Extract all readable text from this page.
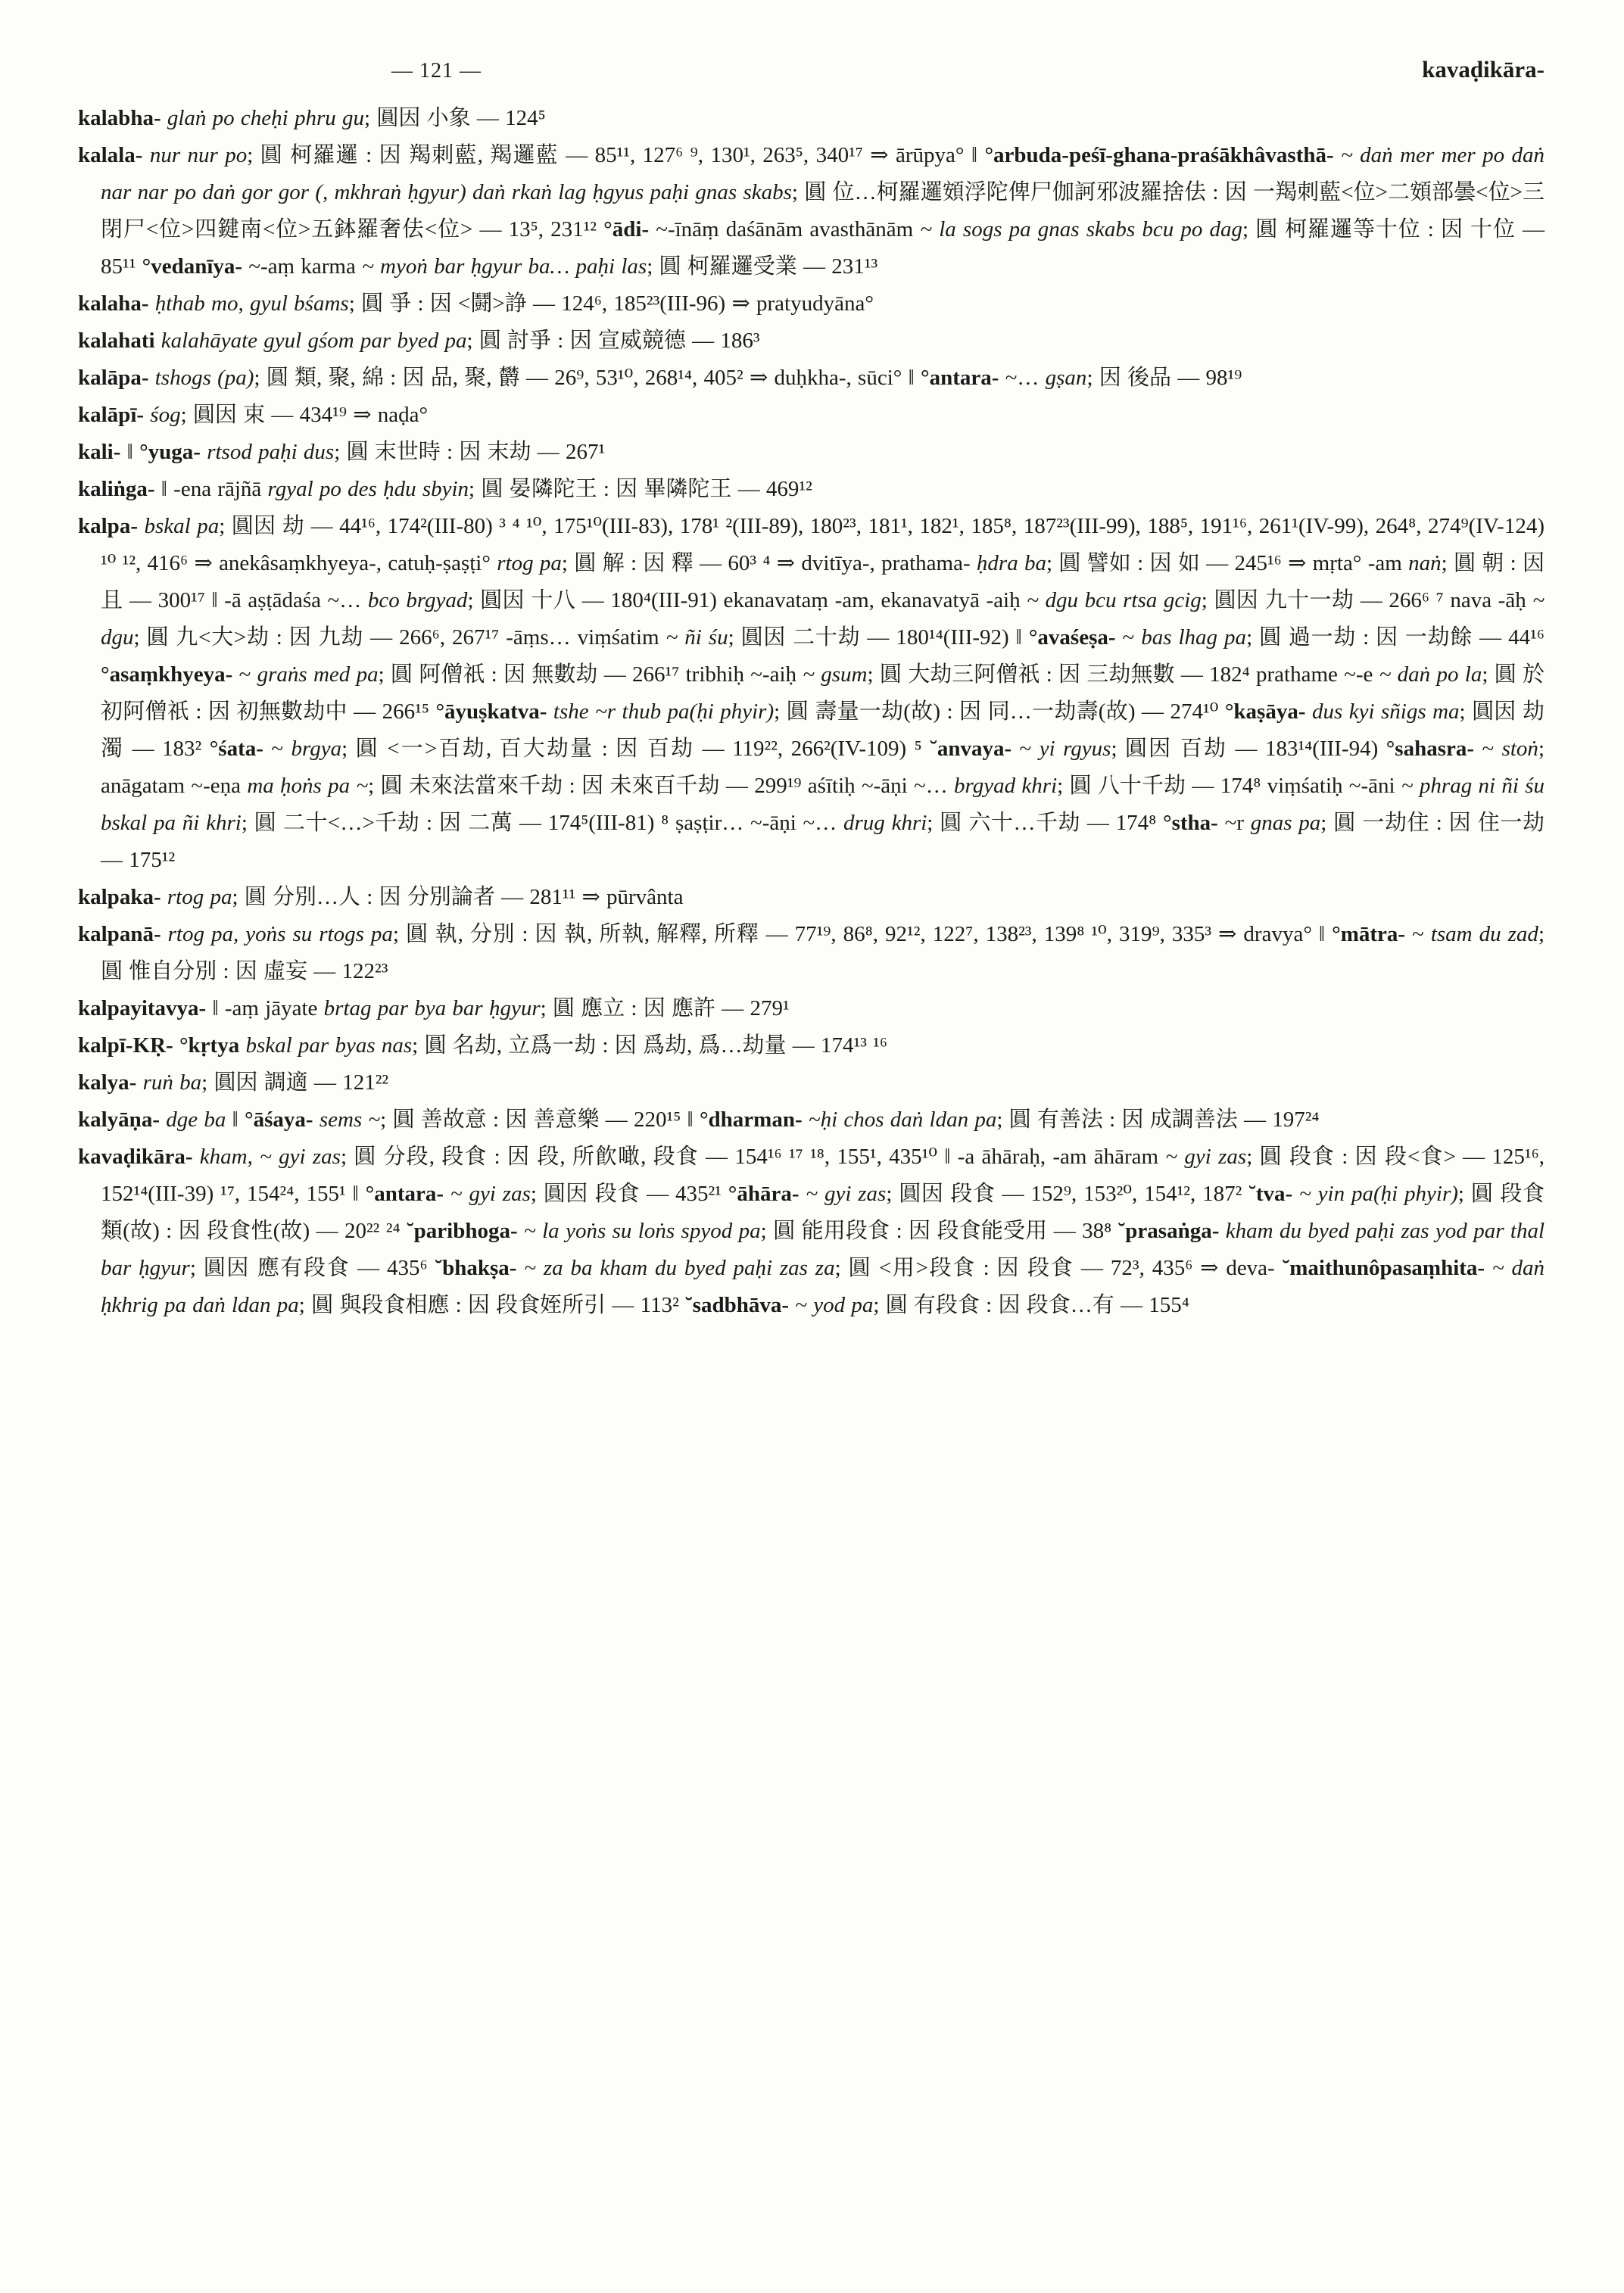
— 121 —	kavaḍikāra-

kalabha- glaṅ po cheḥi phru gu; 圓因 小象 — 124⁵

kalala- nur nur po; 圓 柯羅邏 : 因 羯刺藍, 羯邏藍 — 85¹¹, 127⁶ ⁹, 130¹, 263⁵, 340¹⁷ ⇒ ārūpya° ‖ °arbuda-peśī-ghana-praśākhâvasthā- ~ daṅ mer mer po daṅ nar nar po daṅ gor gor (, mkhraṅ ḥgyur) daṅ rkaṅ lag ḥgyus paḥi gnas skabs; 圓 位…柯羅邏頞浮陀俾尸伽訶邪波羅捨佉 : 因 一羯刺藍<位>二頞部曇<位>三閉尸<位>四鍵南<位>五鉢羅奢佉<位> — 13⁵, 231¹² °ādi- ~-īnāṃ daśānām avasthānām ~ la sogs pa gnas skabs bcu po dag; 圓 柯羅邏等十位 : 因 十位 — 85¹¹ °vedanīya- ~-aṃ karma ~ myoṅ bar ḥgyur ba… paḥi las; 圓 柯羅邏受業 — 231¹³

kalaha- ḥthab mo, gyul bśams; 圓 爭 : 因 <鬪>諍 — 124⁶, 185²³(III-96) ⇒ pratyudyāna°

kalahati kalahāyate gyul gśom par byed pa; 圓 討爭 : 因 宣威競德 — 186³

kalāpa- tshogs (pa); 圓 類, 聚, 綿 : 因 品, 聚, 欝 — 26⁹, 53¹⁰, 268¹⁴, 405² ⇒ duḥkha-, sūci° ‖ °antara- ~… gṣan; 因 後品 — 98¹⁹

kalāpī- śog; 圓因 束 — 434¹⁹ ⇒ naḍa°

kali- ‖ °yuga- rtsod paḥi dus; 圓 末世時 : 因 末劫 — 267¹

kaliṅga- ‖ -ena rājñā rgyal po des ḥdu sbyin; 圓 晏隣陀王 : 因 畢隣陀王 — 469¹²

kalpa- bskal pa; 圓因 劫 — 44¹⁶, 174²(III-80) ³ ⁴ ¹⁰, 175¹⁰(III-83), 178¹ ²(III-89), 180²³, 181¹, 182¹, 185⁸, 187²³(III-99), 188⁵, 191¹⁶, 261¹(IV-99), 264⁸, 274⁹(IV-124) ¹⁰ ¹², 416⁶ ⇒ anekâsaṃkhyeya-, catuḥ-ṣaṣṭi° rtog pa; 圓 解 : 因 釋 — 60³ ⁴ ⇒ dvitīya-, prathama- ḥdra ba; 圓 譬如 : 因 如 — 245¹⁶ ⇒ mṛta° -am naṅ; 圓 朝 : 因 且 — 300¹⁷ ‖ -ā aṣṭādaśa ~… bco brgyad; 圓因 十八 — 180⁴(III-91) ekanavataṃ -am, ekanavatyā -aiḥ ~ dgu bcu rtsa gcig; 圓因 九十一劫 — 266⁶ ⁷ nava -āḥ ~ dgu; 圓 九<大>劫 : 因 九劫 — 266⁶, 267¹⁷ -āṃs… viṃśatim ~ ñi śu; 圓因 二十劫 — 180¹⁴(III-92) ‖ °avaśeṣa- ~ bas lhag pa; 圓 過一劫 : 因 一劫餘 — 44¹⁶ °asaṃkhyeya- ~ graṅs med pa; 圓 阿僧祇 : 因 無數劫 — 266¹⁷ tribhiḥ ~-aiḥ ~ gsum; 圓 大劫三阿僧祇 : 因 三劫無數 — 182⁴ prathame ~-e ~ daṅ po la; 圓 於初阿僧祇 : 因 初無數劫中 — 266¹⁵ °āyuṣkatva- tshe ~r thub pa(ḥi phyir); 圓 壽量一劫(故) : 因 同…一劫壽(故) — 274¹⁰ °kaṣāya- dus kyi sñigs ma; 圓因 劫濁 — 183² °śata- ~ brgya; 圓 <一>百劫, 百大劫量 : 因 百劫 — 119²², 266²(IV-109) ⁵ ˘anvaya- ~ yi rgyus; 圓因 百劫 — 183¹⁴(III-94) °sahasra- ~ stoṅ; anāgatam ~-eṇa ma ḥoṅs pa ~; 圓 未來法當來千劫 : 因 未來百千劫 — 299¹⁹ aśītiḥ ~-āṇi ~… brgyad khri; 圓 八十千劫 — 174⁸ viṃśatiḥ ~-āni ~ phrag ni ñi śu bskal pa ñi khri; 圓 二十<…>千劫 : 因 二萬 — 174⁵(III-81) ⁸ ṣaṣṭir… ~-āṇi ~… drug khri; 圓 六十…千劫 — 174⁸ °stha- ~r gnas pa; 圓 一劫住 : 因 住一劫 — 175¹²

kalpaka- rtog pa; 圓 分別…人 : 因 分別論者 — 281¹¹ ⇒ pūrvânta

kalpanā- rtog pa, yoṅs su rtogs pa; 圓 執, 分別 : 因 執, 所執, 解釋, 所釋 — 77¹⁹, 86⁸, 92¹², 122⁷, 138²³, 139⁸ ¹⁰, 319⁹, 335³ ⇒ dravya° ‖ °mātra- ~ tsam du zad; 圓 惟自分別 : 因 虛妄 — 122²³

kalpayitavya- ‖ -aṃ jāyate brtag par bya bar ḥgyur; 圓 應立 : 因 應許 — 279¹

kalpī-KṚ- °kṛtya bskal par byas nas; 圓 名劫, 立爲一劫 : 因 爲劫, 爲…劫量 — 174¹³ ¹⁶

kalya- ruṅ ba; 圓因 調適 — 121²²

kalyāṇa- dge ba ‖ °āśaya- sems ~; 圓 善故意 : 因 善意樂 — 220¹⁵ ‖ °dharman- ~ḥi chos daṅ ldan pa; 圓 有善法 : 因 成調善法 — 197²⁴

kavaḍikāra- kham, ~ gyi zas; 圓 分段, 段食 : 因 段, 所飮噉, 段食 — 154¹⁶ ¹⁷ ¹⁸, 155¹, 435¹⁰ ‖ -a āhāraḥ, -am āhāram ~ gyi zas; 圓 段食 : 因 段<食> — 125¹⁶, 152¹⁴(III-39) ¹⁷, 154²⁴, 155¹ ‖ °antara- ~ gyi zas; 圓因 段食 — 435²¹ °āhāra- ~ gyi zas; 圓因 段食 — 152⁹, 153²⁰, 154¹², 187² ˘tva- ~ yin pa(ḥi phyir); 圓 段食類(故) : 因 段食性(故) — 20²² ²⁴ ˘paribhoga- ~ la yoṅs su loṅs spyod pa; 圓 能用段食 : 因 段食能受用 — 38⁸ ˘prasaṅga- kham du byed paḥi zas yod par thal bar ḥgyur; 圓因 應有段食 — 435⁶ ˘bhakṣa- ~ za ba kham du byed paḥi zas za; 圓 <用>段食 : 因 段食 — 72³, 435⁶ ⇒ deva- ˘maithunôpasaṃhita- ~ daṅ ḥkhrig pa daṅ ldan pa; 圓 與段食相應 : 因 段食姪所引 — 113² ˘sadbhāva- ~ yod pa; 圓 有段食 : 因 段食…有 — 155⁴
